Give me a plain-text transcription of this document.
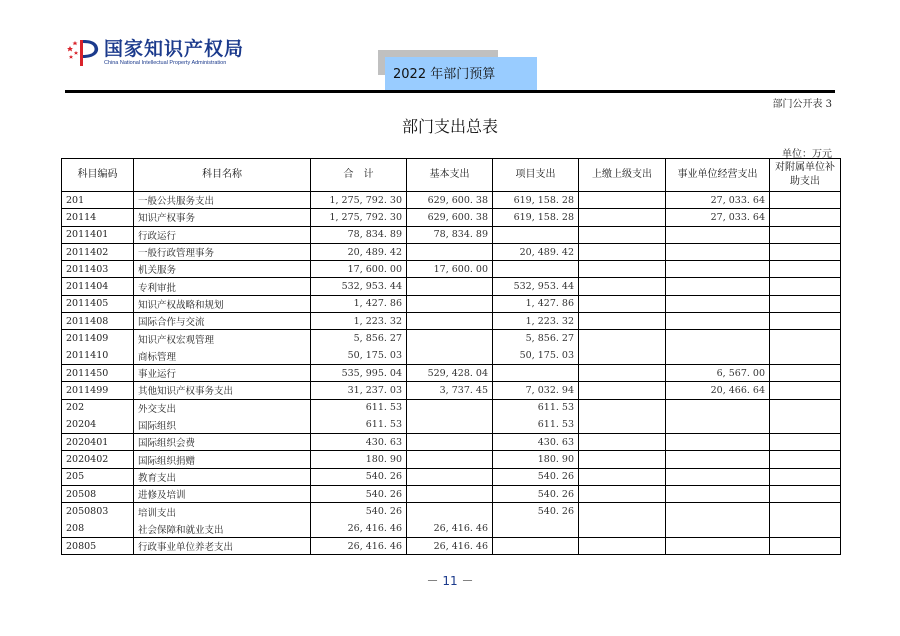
国家知识产权局
China National Intellectual Property Administration
2022 年部门预算
部门公开表 3
部门支出总表
单位：万元
科目编码	科目名称	合　计	基本支出	项目支出	上缴上级支出	事业单位经营支出	对附属单位补助支出
201	一般公共服务支出	1, 275, 792. 30	629, 600. 38	619, 158. 28		27, 033. 64	
20114	知识产权事务	1, 275, 792. 30	629, 600. 38	619, 158. 28		27, 033. 64	
2011401	行政运行	78, 834. 89	78, 834. 89				
2011402	一般行政管理事务	20, 489. 42		20, 489. 42			
2011403	机关服务	17, 600. 00	17, 600. 00				
2011404	专利审批	532, 953. 44		532, 953. 44			
2011405	知识产权战略和规划	1, 427. 86		1, 427. 86			
2011408	国际合作与交流	1, 223. 32		1, 223. 32			
2011409	知识产权宏观管理	5, 856. 27		5, 856. 27			
2011410	商标管理	50, 175. 03		50, 175. 03			
2011450	事业运行	535, 995. 04	529, 428. 04			6, 567. 00	
2011499	其他知识产权事务支出	31, 237. 03	3, 737. 45	7, 032. 94		20, 466. 64	
202	外交支出	611. 53		611. 53			
20204	国际组织	611. 53		611. 53			
2020401	国际组织会费	430. 63		430. 63			
2020402	国际组织捐赠	180. 90		180. 90			
205	教育支出	540. 26		540. 26			
20508	进修及培训	540. 26		540. 26			
2050803	培训支出	540. 26		540. 26			
208	社会保障和就业支出	26, 416. 46	26, 416. 46				
20805	行政事业单位养老支出	26, 416. 46	26, 416. 46				
－ 11 －
